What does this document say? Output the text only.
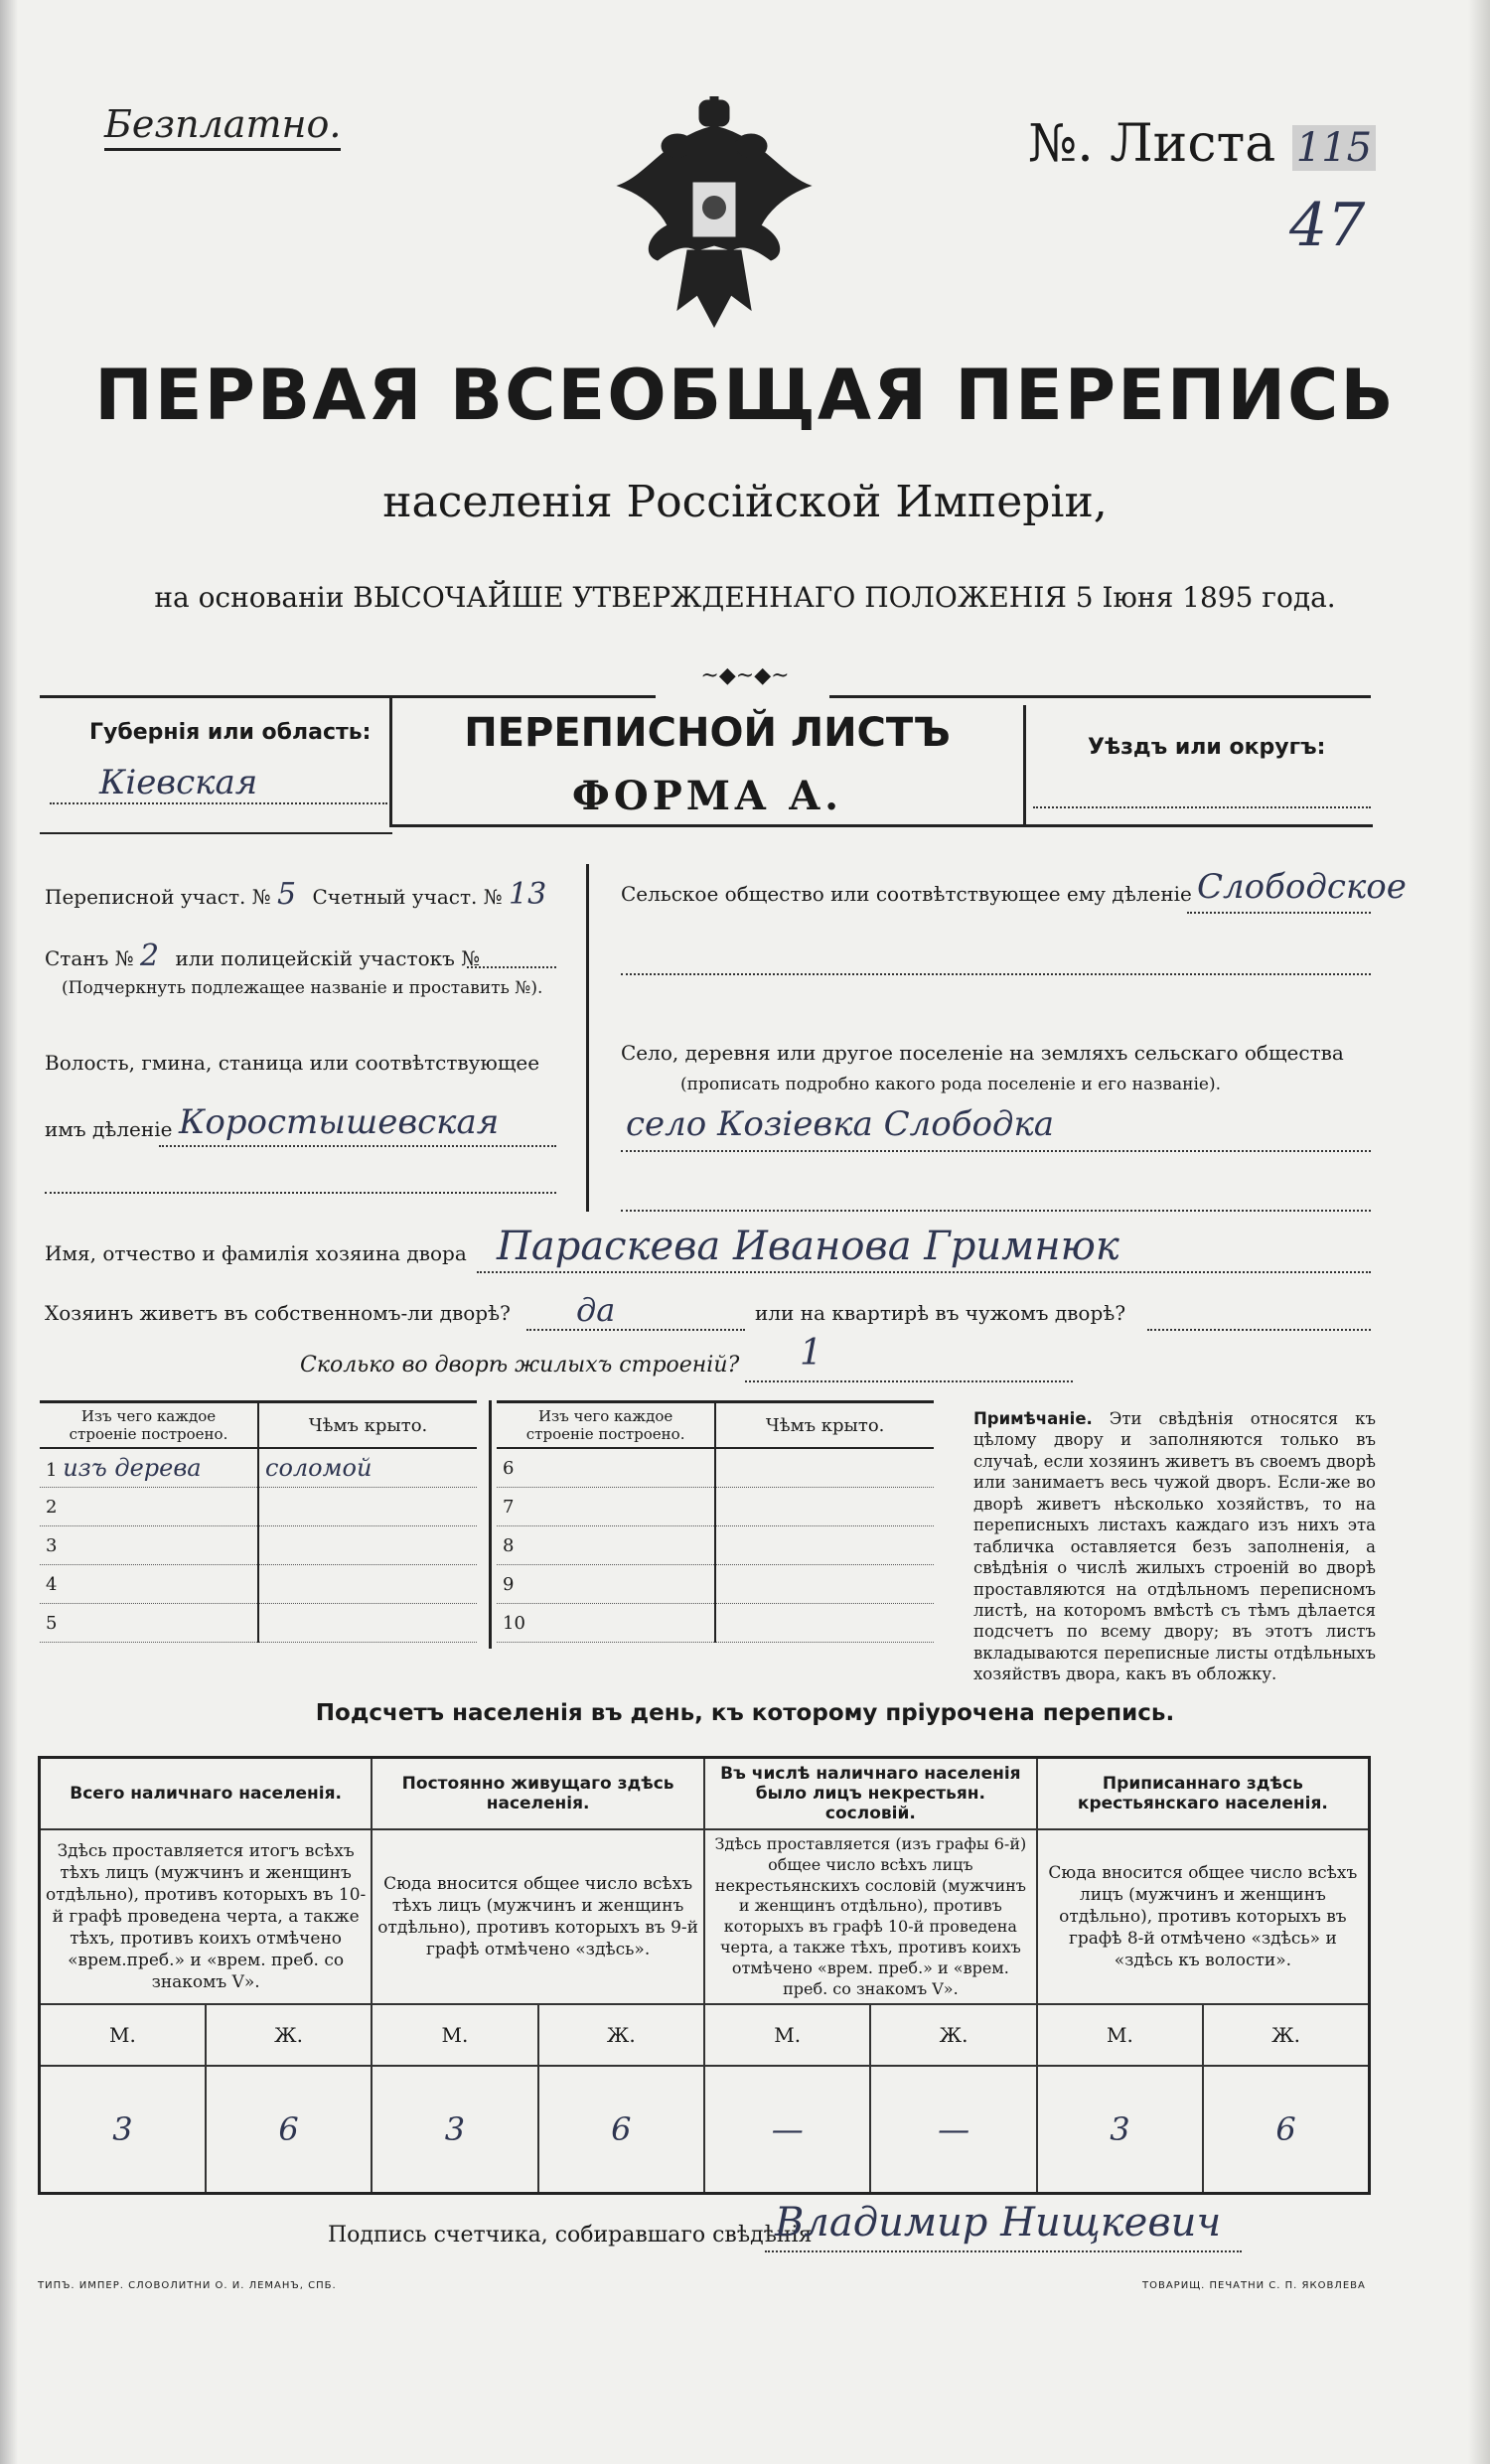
Безплатно.	№. Листа 115
47
ПЕРВАЯ ВСЕОБЩАЯ ПЕРЕПИСЬ
населенія Россійской Имперіи,
на основаніи ВЫСОЧАЙШЕ УТВЕРЖДЕННАГО ПОЛОЖЕНІЯ 5 Іюня 1895 года.
~◆~◆~
Губернія или область:
Кіевская
ПЕРЕПИСНОЙ ЛИСТЪ
ФОРМА А.
Уѣздъ или округъ:
Переписной участ. № 5 Счетный участ. № 13
Станъ № 2 или полицейскій участокъ №
(Подчеркнуть подлежащее названіе и проставить №).
Волость, гмина, станица или соотвѣтствующее
имъ дѣленіе Коростышевская
Сельское общество или соотвѣтствующее ему дѣленіе Слободское
Село, деревня или другое поселеніе на земляхъ сельскаго общества
(прописать подробно какого рода поселеніе и его названіе).
село Козіевка Слободка
Имя, отчество и фамилія хозяина двора Параскева Иванова Гримнюк
Хозяинъ живетъ въ собственномъ-ли дворѣ? да	или на квартирѣ въ чужомъ дворѣ?
Сколько во дворѣ жилыхъ строеній? 1
Изъ чего каждое строеніе построено.	Чѣмъ крыто.
1 изъ дерева	соломой
2	
3	
4	
5	
Изъ чего каждое строеніе построено.	Чѣмъ крыто.
6	
7	
8	
9	
10	
Примѣчаніе. Эти свѣдѣнія относятся къ цѣлому двору и заполняются только въ случаѣ, если хозяинъ живетъ въ своемъ дворѣ или занимаетъ весь чужой дворъ. Если-же во дворѣ живетъ нѣсколько хозяйствъ, то на переписныхъ листахъ каждаго изъ нихъ эта табличка оставляется безъ заполненія, а свѣдѣнія о числѣ жилыхъ строеній во дворѣ проставляются на отдѣльномъ переписномъ листѣ, на которомъ вмѣстѣ съ тѣмъ дѣлается подсчетъ по всему двору; въ этотъ листъ вкладываются переписные листы отдѣльныхъ хозяйствъ двора, какъ въ обложку.
Подсчетъ населенія въ день, къ которому пріурочена перепись.
Всего наличнаго населенія.		Постоянно живущаго здѣсь населенія.		Въ числѣ наличнаго населенія было лицъ некрестьян. сословій.		Приписаннаго здѣсь крестьянскаго населенія.	
Здѣсь проставляется итогъ всѣхъ тѣхъ лицъ (мужчинъ и женщинъ отдѣльно), противъ которыхъ въ 10-й графѣ проведена черта, а также тѣхъ, противъ коихъ отмѣчено «врем.преб.» и «врем. преб. со знакомъ V».		Сюда вносится общее число всѣхъ тѣхъ лицъ (мужчинъ и женщинъ отдѣльно), противъ которыхъ въ 9-й графѣ отмѣчено «здѣсь».		Здѣсь проставляется (изъ графы 6-й) общее число всѣхъ лицъ некрестьянскихъ сословій (мужчинъ и женщинъ отдѣльно), противъ которыхъ въ графѣ 10-й проведена черта, а также тѣхъ, противъ коихъ отмѣчено «врем. преб.» и «врем. преб. со знакомъ V».		Сюда вносится общее число всѣхъ лицъ (мужчинъ и женщинъ отдѣльно), противъ которыхъ въ графѣ 8-й отмѣчено «здѣсь» и «здѣсь къ волости».	
М.	Ж.	М.	Ж.	М.	Ж.	М.	Ж.
3	6	3	6	—	—	3	6
Подпись счетчика, собиравшаго свѣдѣнія
Владимир Нищкевич
ТИПЪ. ИМПЕР. СЛОВОЛИТНИ О. И. ЛЕМАНЪ, СПБ.	ТОВАРИЩ. ПЕЧАТНИ С. П. ЯКОВЛЕВА
